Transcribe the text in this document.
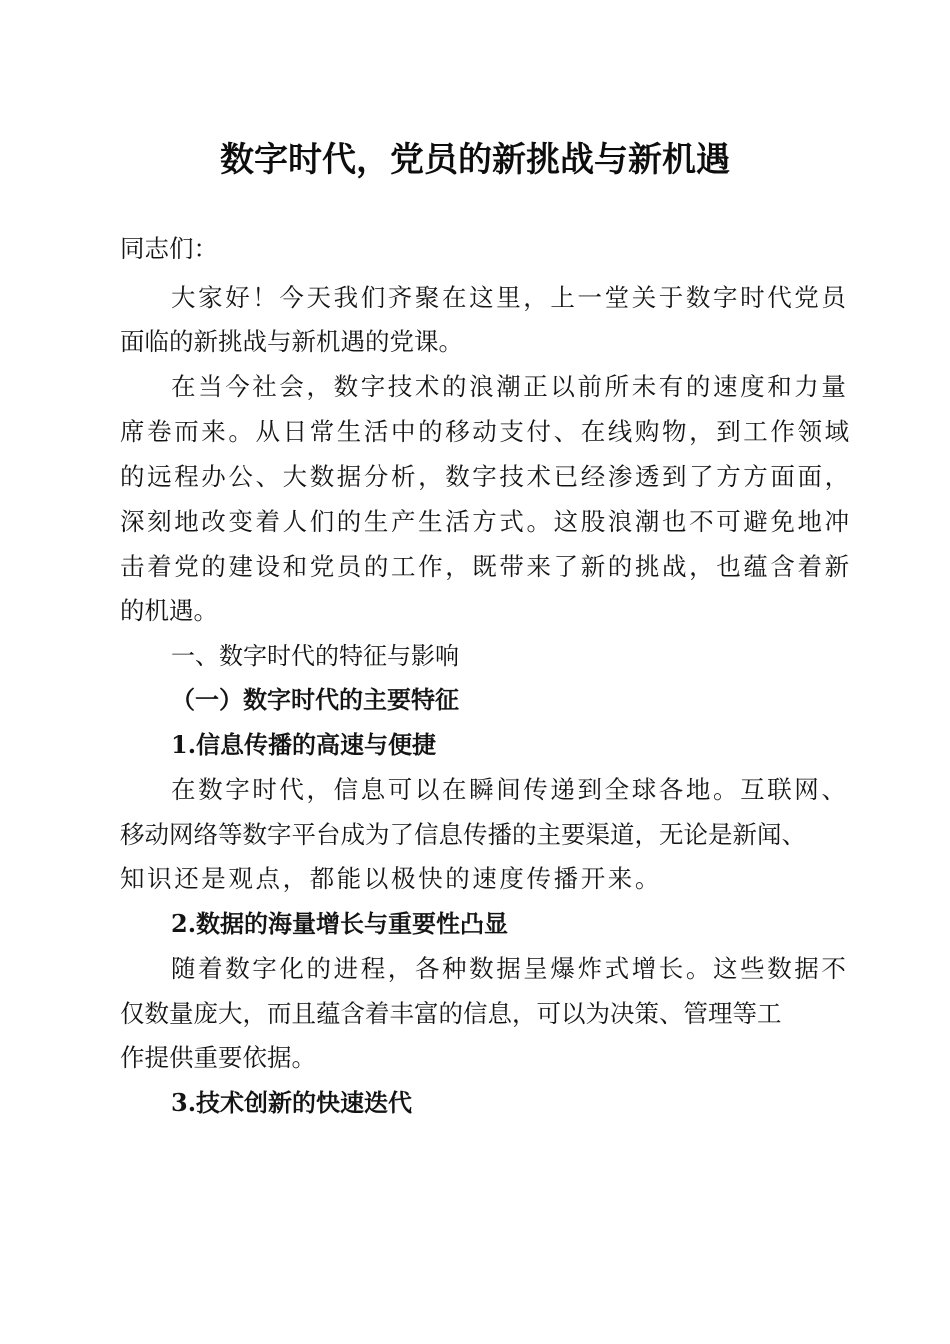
数字时代，党员的新挑战与新机遇

同志们：

大家好！今天我们齐聚在这里，上一堂关于数字时代党员

面临的新挑战与新机遇的党课。

在当今社会，数字技术的浪潮正以前所未有的速度和力量

席卷而来。从日常生活中的移动支付、在线购物，到工作领域

的远程办公、大数据分析，数字技术已经渗透到了方方面面，

深刻地改变着人们的生产生活方式。这股浪潮也不可避免地冲

击着党的建设和党员的工作，既带来了新的挑战，也蕴含着新

的机遇。

一、数字时代的特征与影响
（一）数字时代的主要特征
1.信息传播的高速与便捷

在数字时代，信息可以在瞬间传递到全球各地。互联网、

移动网络等数字平台成为了信息传播的主要渠道，无论是新闻、

知识还是观点，都能以极快的速度传播开来。

2.数据的海量增长与重要性凸显

随着数字化的进程，各种数据呈爆炸式增长。这些数据不

仅数量庞大，而且蕴含着丰富的信息，可以为决策、管理等工

作提供重要依据。

3.技术创新的快速迭代
